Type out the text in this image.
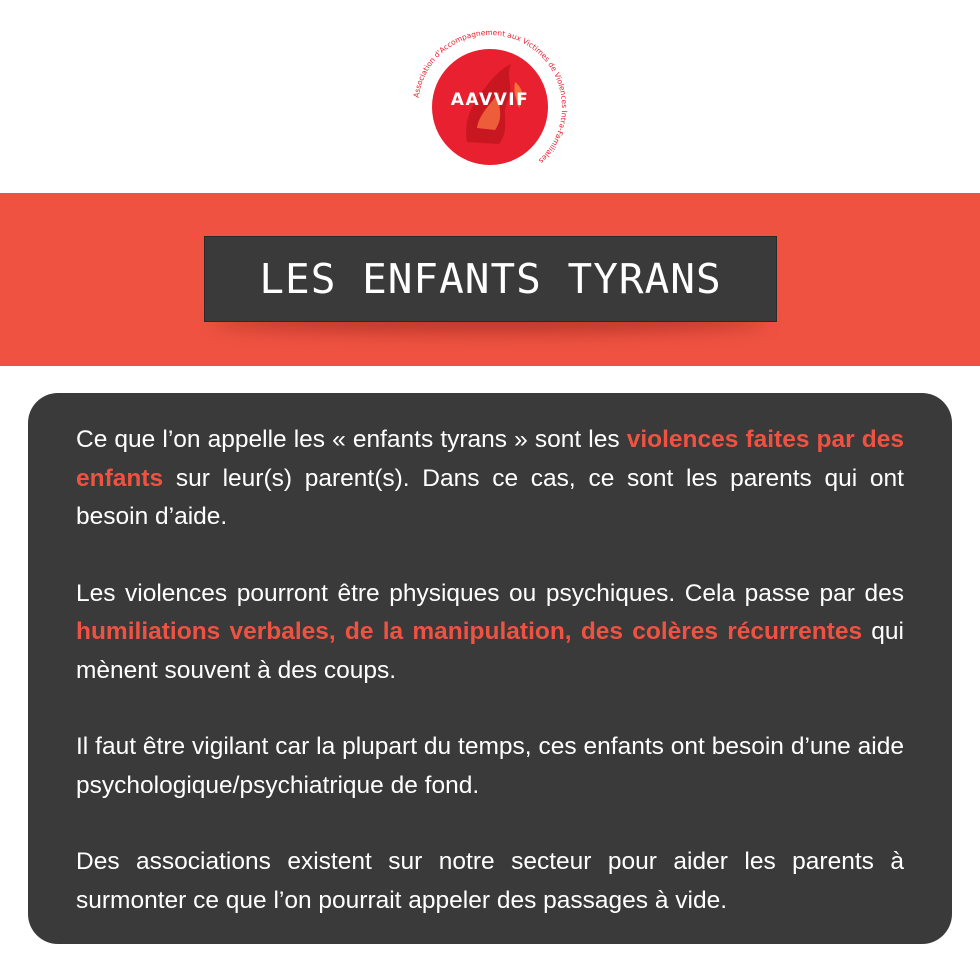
Association d'Accompagnement aux Victimes de Violences Intra-Familiales
AAVVIF
LES ENFANTS TYRANS

Ce que l’on appelle les « enfants tyrans » sont les violences faites par des enfants sur leur(s) parent(s). Dans ce cas, ce sont les parents qui ont besoin d’aide.

Les violences pourront être physiques ou psychiques. Cela passe par des humiliations verbales, de la manipulation, des colères récurrentes qui mènent souvent à des coups.

Il faut être vigilant car la plupart du temps, ces enfants ont besoin d’une aide psychologique/psychiatrique de fond.

Des associations existent sur notre secteur pour aider les parents à surmonter ce que l’on pourrait appeler des passages à vide.
